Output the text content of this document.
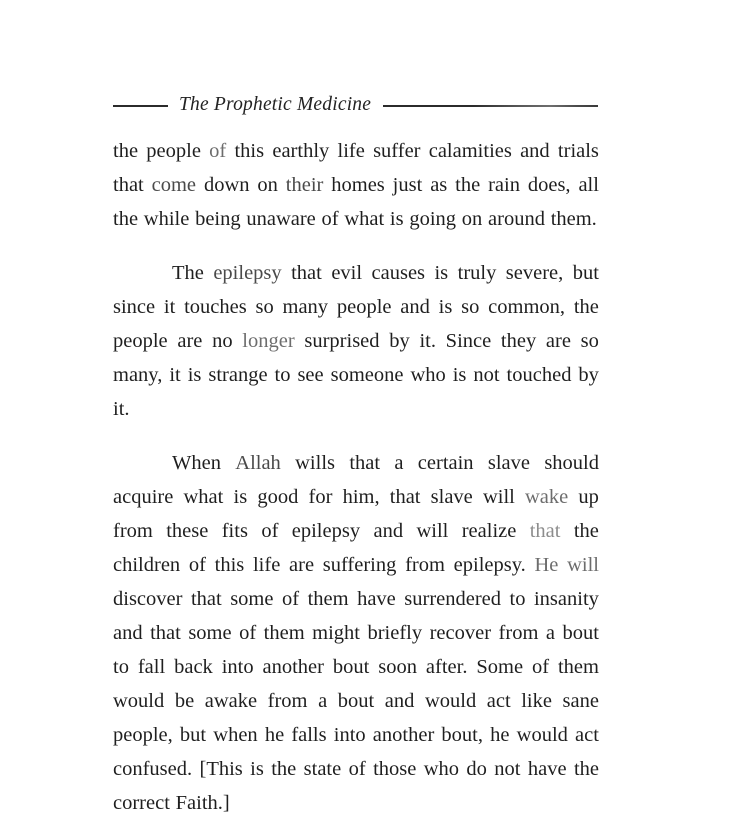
The Prophetic Medicine
the people of this earthly life suffer calamities and trials
that come down on their homes just as the rain does, all
the while being unaware of what is going on around them.
The epilepsy that evil causes is truly severe, but
since it touches so many people and is so common, the
people are no longer surprised by it. Since they are so
many, it is strange to see someone who is not touched by
it.
When Allah wills that a certain slave should
acquire what is good for him, that slave will wake up
from these fits of epilepsy and will realize that the
children of this life are suffering from epilepsy. He will
discover that some of them have surrendered to insanity
and that some of them might briefly recover from a bout
to fall back into another bout soon after. Some of them
would be awake from a bout and would act like sane
people, but when he falls into another bout, he would act
confused. [This is the state of those who do not have the
correct Faith.]
